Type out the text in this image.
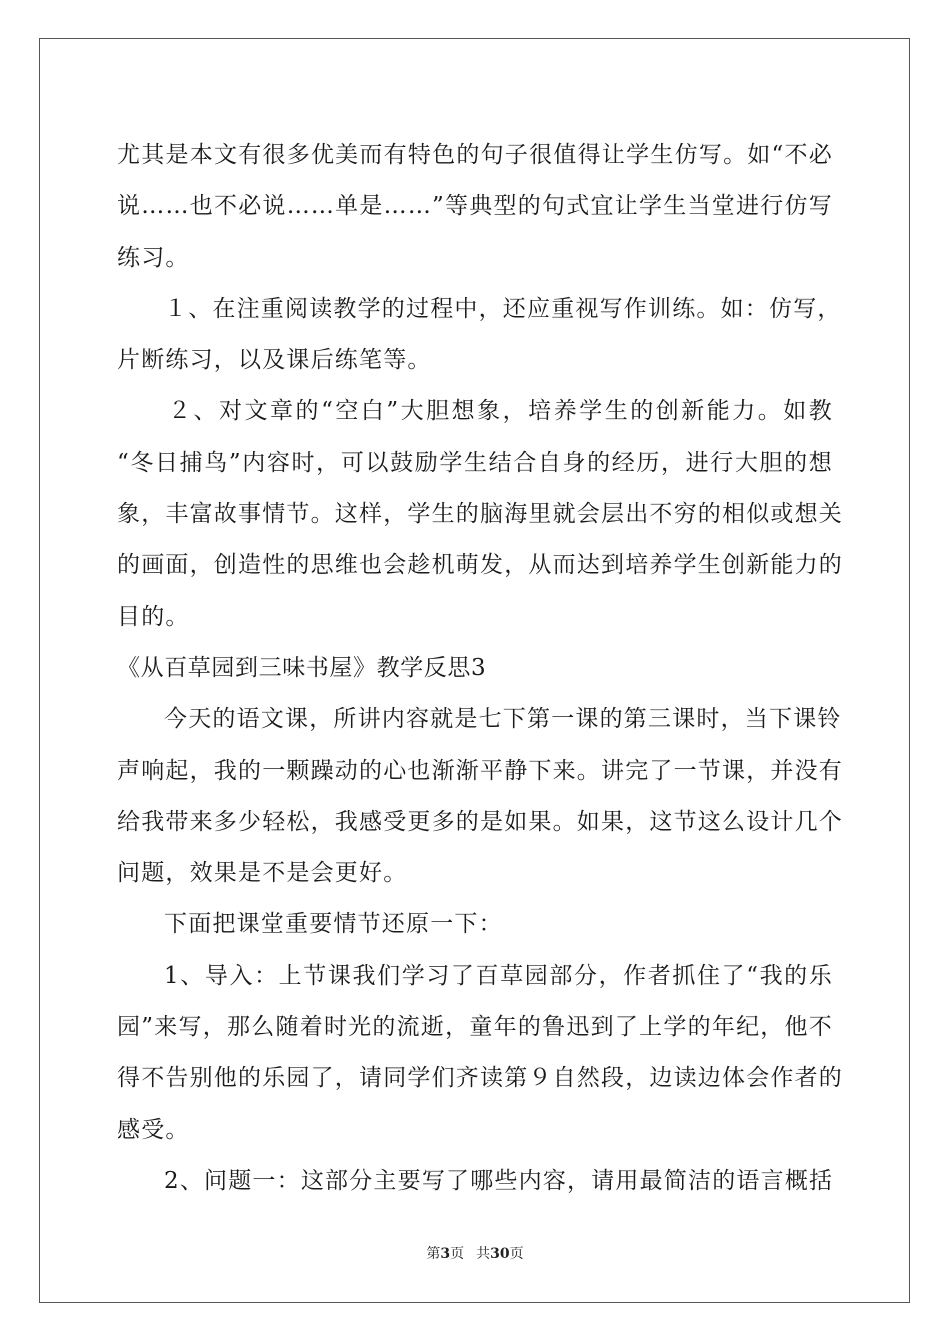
尤其是本文有很多优美而有特色的句子很值得让学生仿写。如“不必
说……也不必说……单是……”等典型的句式宜让学生当堂进行仿写
练习。
１、在注重阅读教学的过程中，还应重视写作训练。如：仿写，
片断练习，以及课后练笔等。
２、对文章的“空白”大胆想象，培养学生的创新能力。如教
“冬日捕鸟”内容时，可以鼓励学生结合自身的经历，进行大胆的想
象，丰富故事情节。这样，学生的脑海里就会层出不穷的相似或想关
的画面，创造性的思维也会趁机萌发，从而达到培养学生创新能力的
目的。
《从百草园到三味书屋》教学反思3
今天的语文课，所讲内容就是七下第一课的第三课时，当下课铃
声响起，我的一颗躁动的心也渐渐平静下来。讲完了一节课，并没有
给我带来多少轻松，我感受更多的是如果。如果，这节这么设计几个
问题，效果是不是会更好。
下面把课堂重要情节还原一下：
1、导入：上节课我们学习了百草园部分，作者抓住了“我的乐
园”来写，那么随着时光的流逝，童年的鲁迅到了上学的年纪，他不
得不告别他的乐园了，请同学们齐读第９自然段，边读边体会作者的
感受。
2、问题一：这部分主要写了哪些内容，请用最简洁的语言概括
第3页 共30页
